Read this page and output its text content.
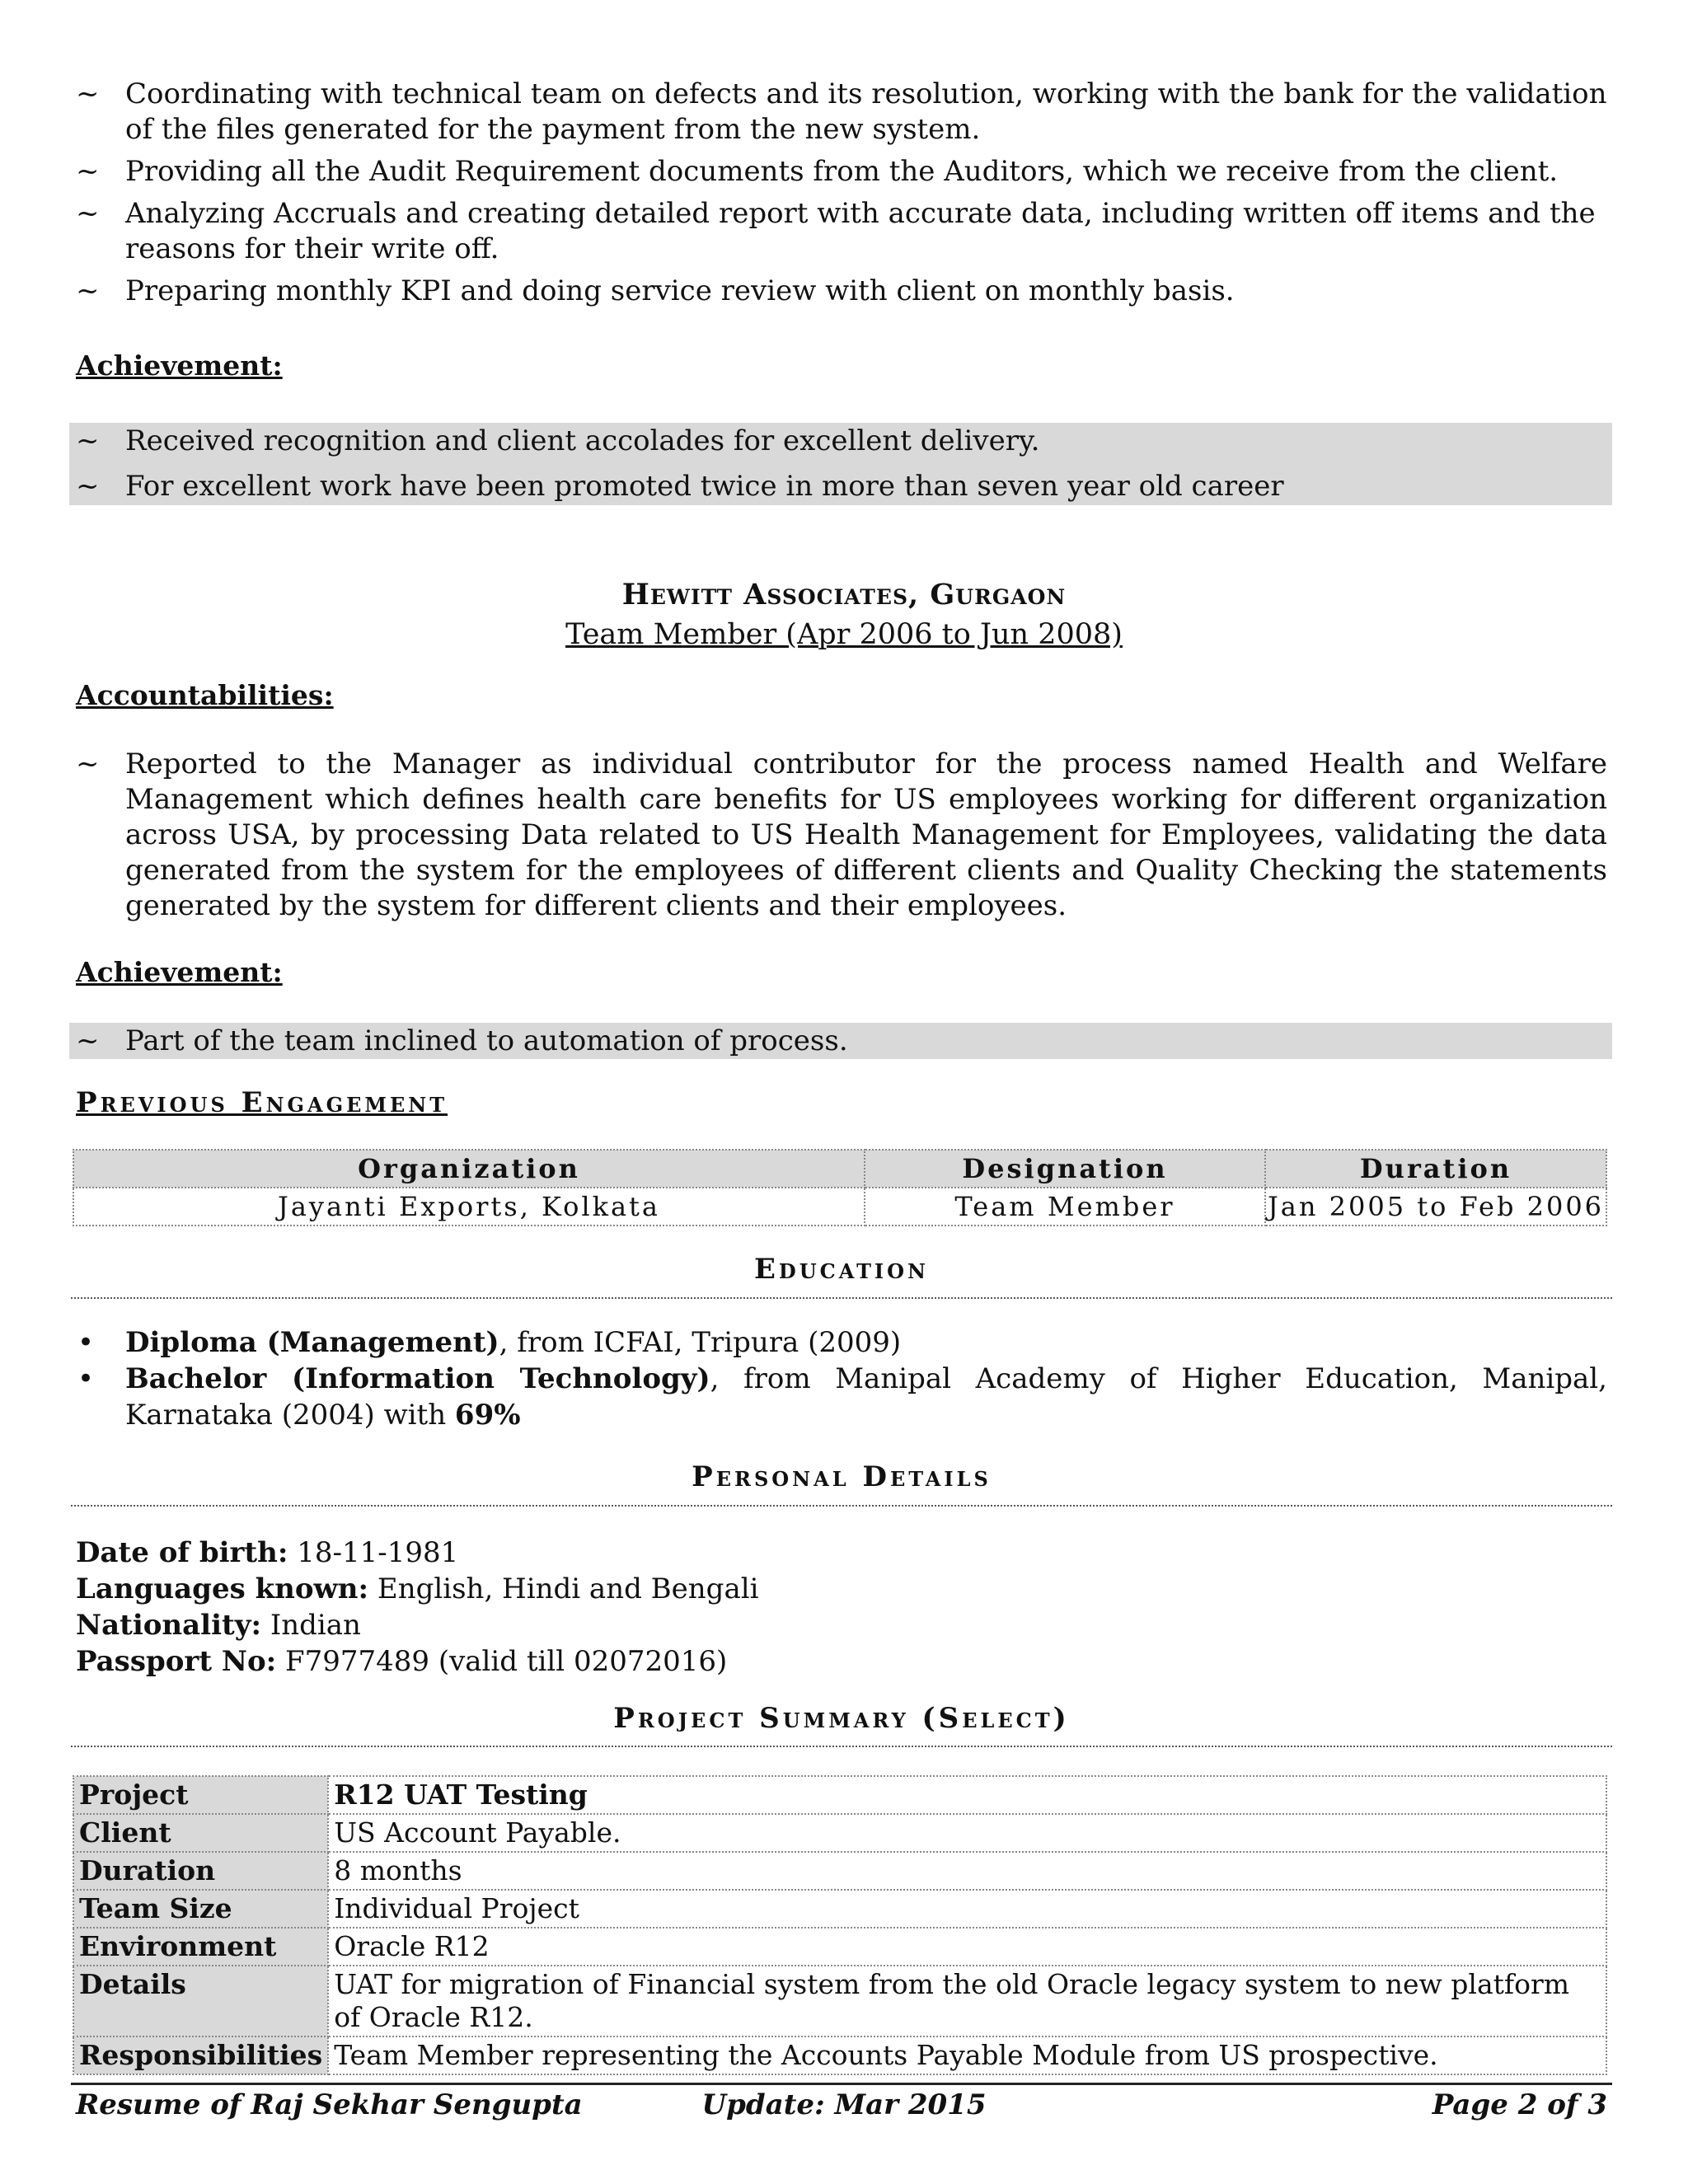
~ Coordinating with technical team on defects and its resolution, working with the bank for the validation of the files generated for the payment from the new system.
~ Providing all the Audit Requirement documents from the Auditors, which we receive from the client.
~ Analyzing Accruals and creating detailed report with accurate data, including written off items and the reasons for their write off.
~ Preparing monthly KPI and doing service review with client on monthly basis.
Achievement:
~ Received recognition and client accolades for excellent delivery.
~ For excellent work have been promoted twice in more than seven year old career
Hewitt Associates, Gurgaon
Team Member (Apr 2006 to Jun 2008)
Accountabilities:
~ Reported to the Manager as individual contributor for the process named Health and Welfare Management which defines health care benefits for US employees working for different organization across USA, by processing Data related to US Health Management for Employees, validating the data generated from the system for the employees of different clients and Quality Checking the statements generated by the system for different clients and their employees.
Achievement:
~ Part of the team inclined to automation of process.
Previous Engagement
Organization	Designation	Duration
Jayanti Exports, Kolkata	Team Member	Jan 2005 to Feb 2006
Education
• Diploma (Management), from ICFAI, Tripura (2009)
• Bachelor (Information Technology), from Manipal Academy of Higher Education, Manipal, Karnataka (2004) with 69%
Personal Details
Date of birth: 18-11-1981
Languages known: English, Hindi and Bengali
Nationality: Indian
Passport No: F7977489 (valid till 02072016)
Project Summary (Select)
Project	R12 UAT Testing
Client	US Account Payable.
Duration	8 months
Team Size	Individual Project
Environment	Oracle R12
Details	UAT for migration of Financial system from the old Oracle legacy system to new platform of Oracle R12.
Responsibilities	Team Member representing the Accounts Payable Module from US prospective.
Resume of Raj Sekhar Sengupta	Update: Mar 2015	Page 2 of 3
